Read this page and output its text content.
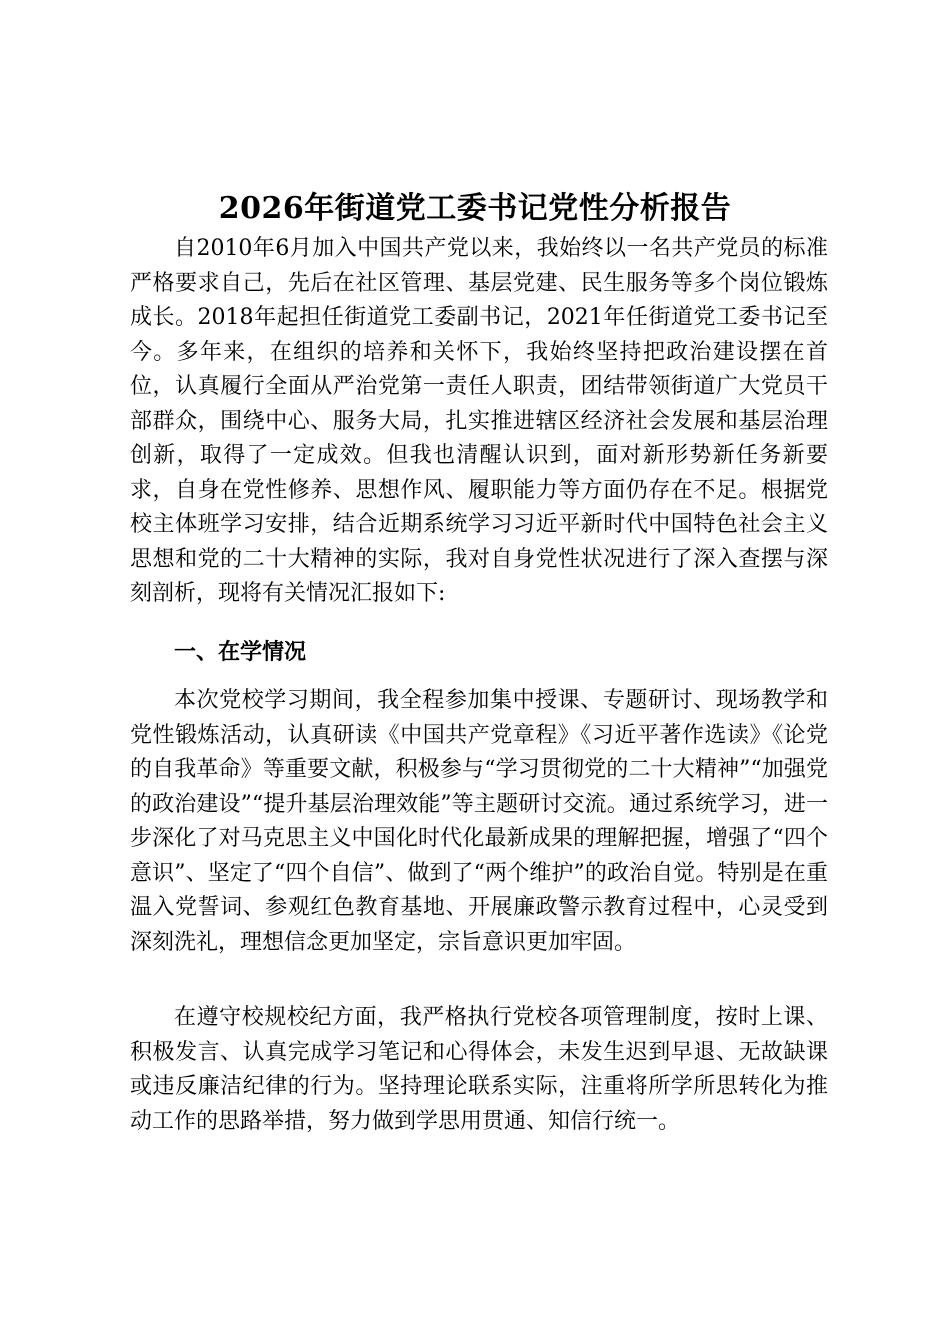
2026年街道党工委书记党性分析报告

自2010年6月加入中国共产党以来，我始终以一名共产党员的标准严格要求自己，先后在社区管理、基层党建、民生服务等多个岗位锻炼成长。2018年起担任街道党工委副书记，2021年任街道党工委书记至今。多年来，在组织的培养和关怀下，我始终坚持把政治建设摆在首位，认真履行全面从严治党第一责任人职责，团结带领街道广大党员干部群众，围绕中心、服务大局，扎实推进辖区经济社会发展和基层治理创新，取得了一定成效。但我也清醒认识到，面对新形势新任务新要求，自身在党性修养、思想作风、履职能力等方面仍存在不足。根据党校主体班学习安排，结合近期系统学习习近平新时代中国特色社会主义思想和党的二十大精神的实际，我对自身党性状况进行了深入查摆与深刻剖析，现将有关情况汇报如下:

一、在学情况

本次党校学习期间，我全程参加集中授课、专题研讨、现场教学和党性锻炼活动，认真研读《中国共产党章程》《习近平著作选读》《论党的自我革命》等重要文献，积极参与“学习贯彻党的二十大精神”“加强党的政治建设”“提升基层治理效能”等主题研讨交流。通过系统学习，进一步深化了对马克思主义中国化时代化最新成果的理解把握，增强了“四个意识”、坚定了“四个自信”、做到了“两个维护”的政治自觉。特别是在重温入党誓词、参观红色教育基地、开展廉政警示教育过程中，心灵受到深刻洗礼，理想信念更加坚定，宗旨意识更加牢固。

在遵守校规校纪方面，我严格执行党校各项管理制度，按时上课、积极发言、认真完成学习笔记和心得体会，未发生迟到早退、无故缺课或违反廉洁纪律的行为。坚持理论联系实际，注重将所学所思转化为推动工作的思路举措，努力做到学思用贯通、知信行统一。
